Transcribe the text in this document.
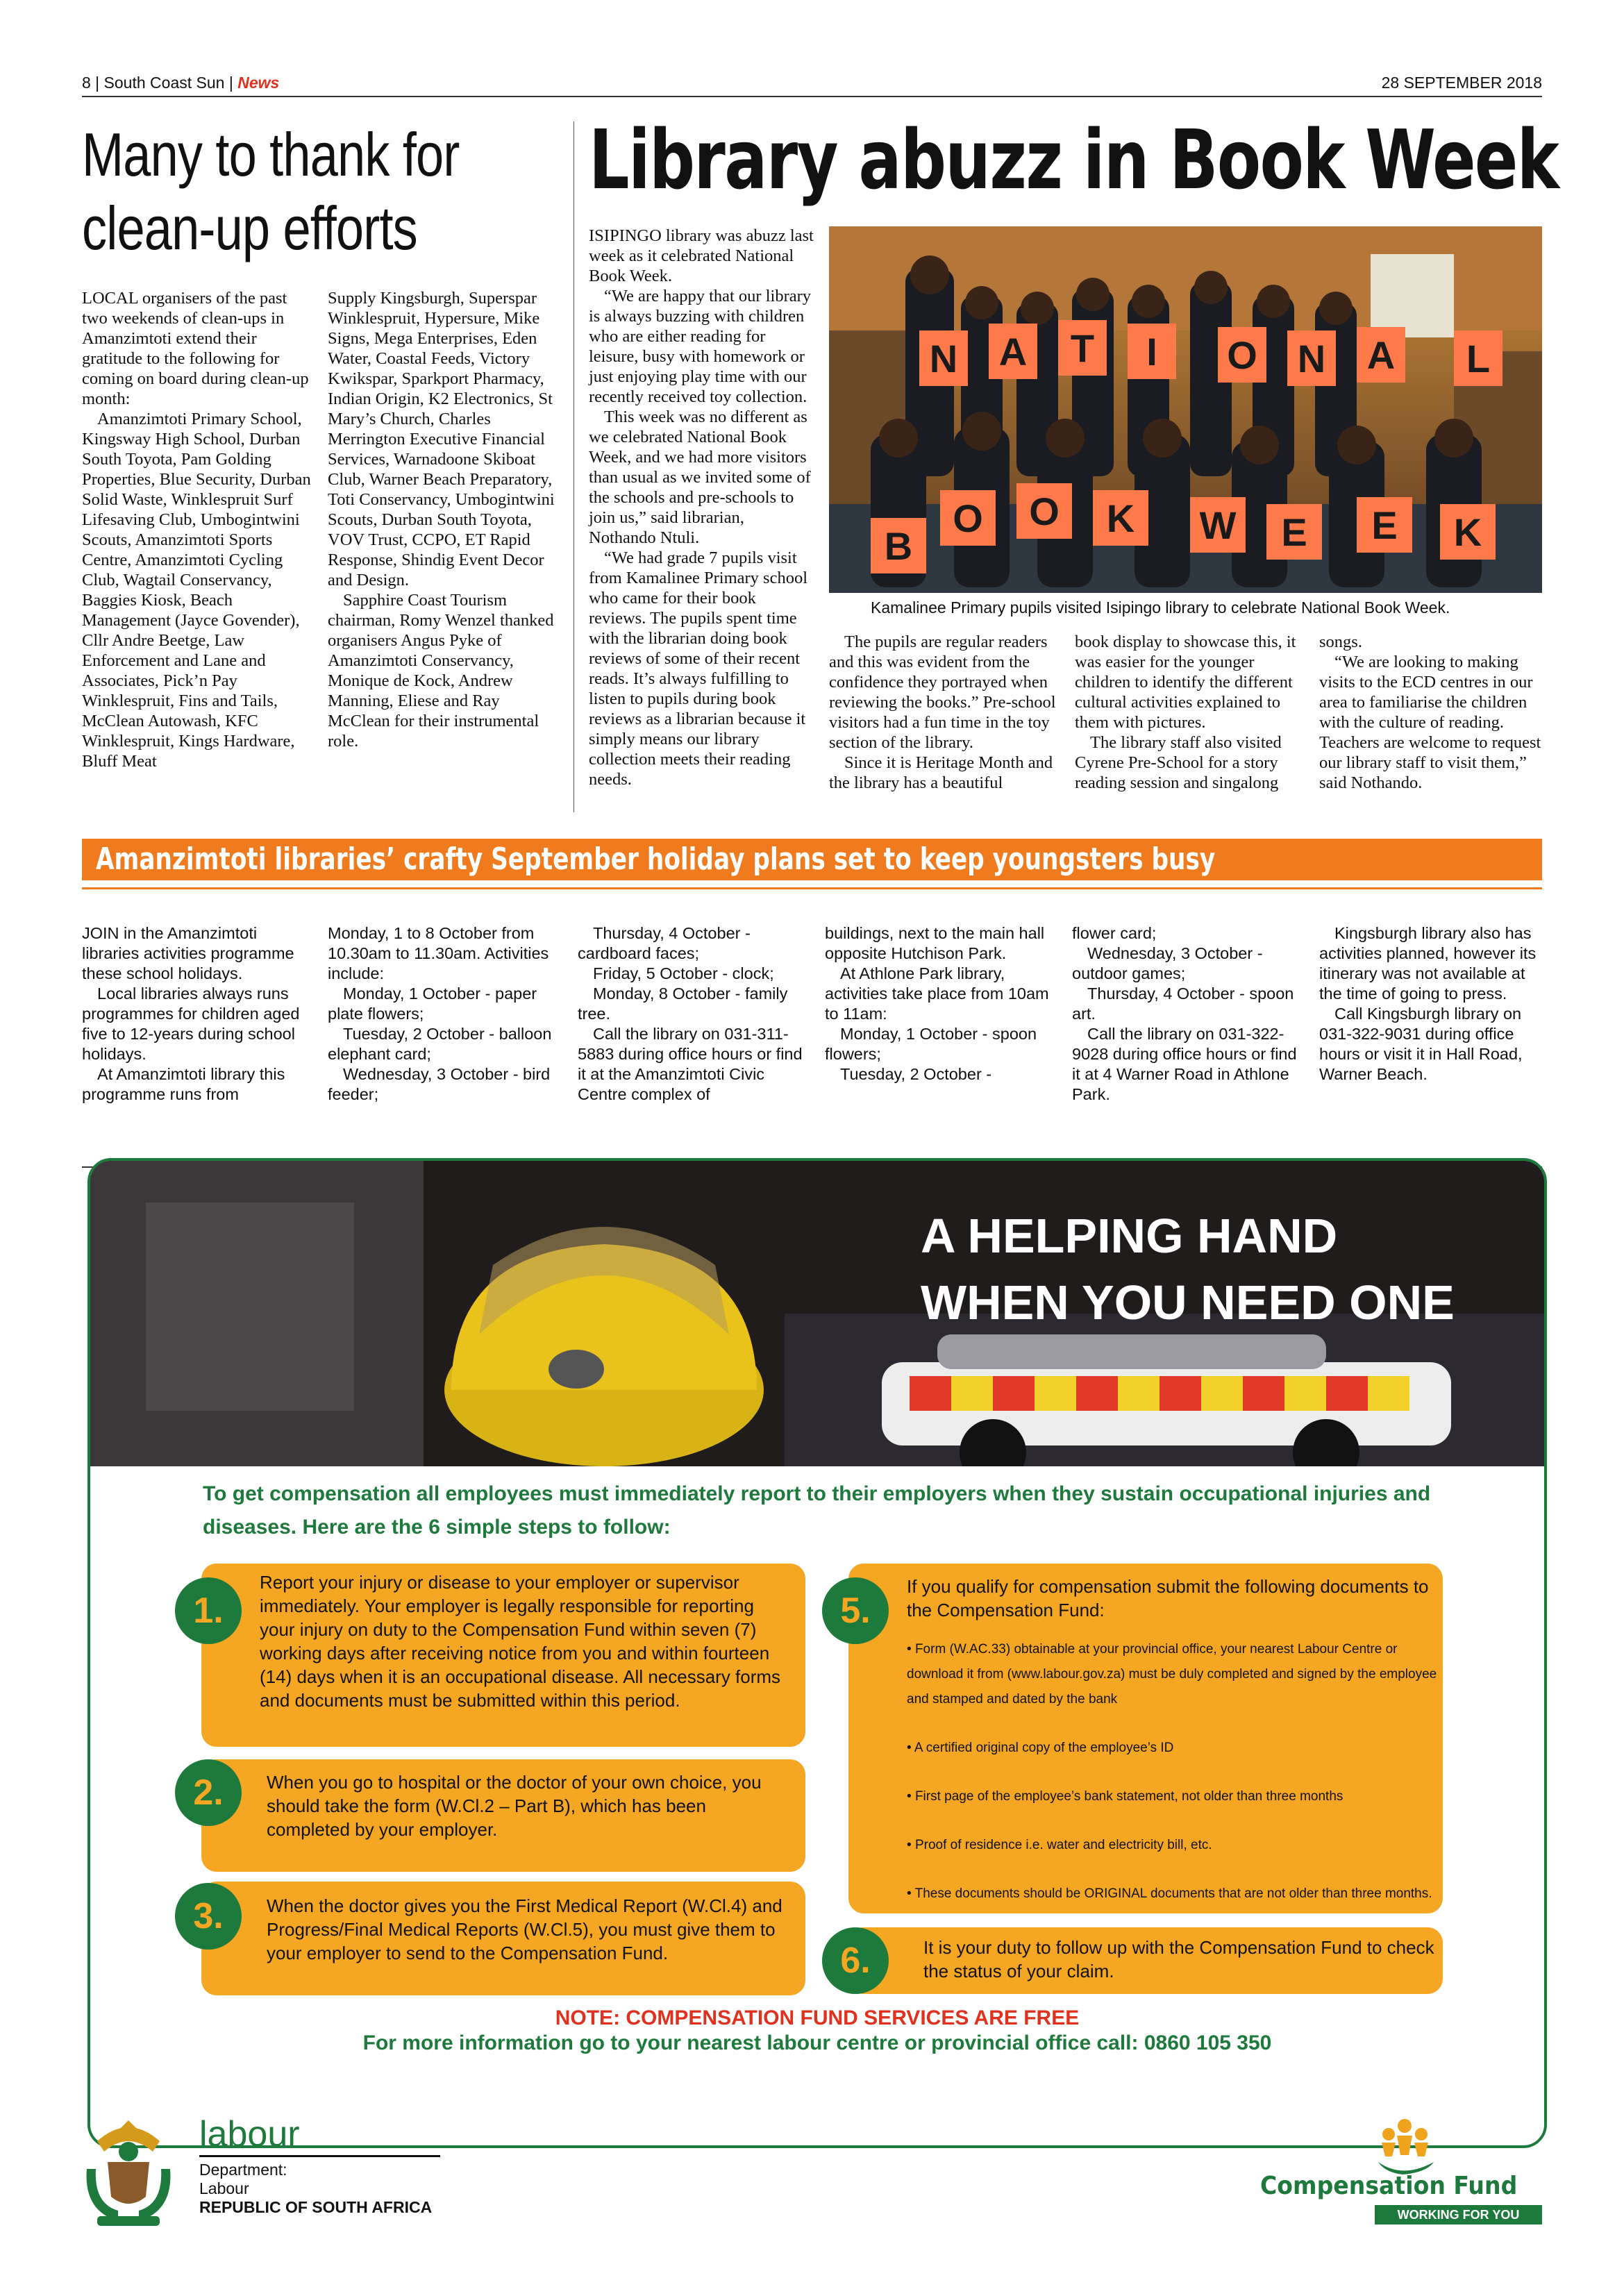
8 | South Coast Sun | News	28 SEPTEMBER 2018
Many to thank for
clean-up efforts

LOCAL organisers of the past two weekends of clean-ups in Amanzimtoti extend their gratitude to the following for coming on board during clean-up month:

Amanzimtoti Primary School, Kingsway High School, Durban South Toyota, Pam Golding Properties, Blue Security, Durban Solid Waste, Winklespruit Surf Lifesaving Club, Umbogintwini Scouts, Amanzimtoti Sports Centre, Amanzimtoti Cycling Club, Wagtail Conservancy, Baggies Kiosk, Beach Management (Jayce Govender), Cllr Andre Beetge, Law Enforcement and Lane and Associates, Pick’n Pay Winklespruit, Fins and Tails, McClean Autowash, KFC Winklespruit, Kings Hardware, Bluff Meat

Supply Kingsburgh, Superspar Winklespruit, Hypersure, Mike Signs, Mega Enterprises, Eden Water, Coastal Feeds, Victory Kwikspar, Sparkport Pharmacy, Indian Origin, K2 Electronics, St Mary’s Church, Charles Merrington Executive Financial Services, Warnadoone Skiboat Club, Warner Beach Preparatory, Toti Conservancy, Umbogintwini Scouts, Durban South Toyota, VOV Trust, CCPO, ET Rapid Response, Shindig Event Decor and Design.

Sapphire Coast Tourism chairman, Romy Wenzel thanked organisers Angus Pyke of Amanzimtoti Conservancy, Monique de Kock, Andrew Manning, Eliese and Ray McClean for their instrumental role.

Library abuzz in Book Week

ISIPINGO library was abuzz last week as it celebrated National Book Week.

“We are happy that our library is always buzzing with children who are either reading for leisure, busy with homework or just enjoying play time with our recently received toy collection.

This week was no different as we celebrated National Book Week, and we had more visitors than usual as we invited some of the schools and pre-schools to join us,” said librarian, Nothando Ntuli.

“We had grade 7 pupils visit from Kamalinee Primary school who came for their book reviews. The pupils spent time with the librarian doing book reviews of some of their recent reads. It’s always fulfilling to listen to pupils during book reviews as a librarian because it simply means our library collection meets their reading needs.

N A T I O N A L
B
O O K W E E K
Kamalinee Primary pupils visited Isipingo library to celebrate National Book Week.

The pupils are regular readers and this was evident from the confidence they portrayed when reviewing the books.” Pre-school visitors had a fun time in the toy section of the library.

Since it is Heritage Month and the library has a beautiful

book display to showcase this, it was easier for the younger children to identify the different cultural activities explained to them with pictures.

The library staff also visited Cyrene Pre-School for a story reading session and singalong

songs.

“We are looking to making visits to the ECD centres in our area to familiarise the children with the culture of reading. Teachers are welcome to request our library staff to visit them,” said Nothando.

Amanzimtoti libraries’ crafty September holiday plans set to keep youngsters busy

JOIN in the Amanzimtoti libraries activities programme these school holidays.

Local libraries always runs programmes for children aged five to 12-years during school holidays.

At Amanzimtoti library this programme runs from

Monday, 1 to 8 October from 10.30am to 11.30am. Activities include:

Monday, 1 October - paper plate flowers;

Tuesday, 2 October - balloon elephant card;

Wednesday, 3 October - bird feeder;

Thursday, 4 October - cardboard faces;

Friday, 5 October - clock;

Monday, 8 October - family tree.

Call the library on 031-311-5883 during office hours or find it at the Amanzimtoti Civic Centre complex of

buildings, next to the main hall opposite Hutchison Park.

At Athlone Park library, activities take place from 10am to 11am:

Monday, 1 October - spoon flowers;

Tuesday, 2 October -

flower card;

Wednesday, 3 October - outdoor games;

Thursday, 4 October - spoon art.

Call the library on 031-322-9028 during office hours or find it at 4 Warner Road in Athlone Park.

Kingsburgh library also has activities planned, however its itinerary was not available at the time of going to press.

Call Kingsburgh library on 031-322-9031 during office hours or visit it in Hall Road, Warner Beach.

A HELPING HAND
WHEN YOU NEED ONE
To get compensation all employees must immediately report to their employers when they sustain occupational injuries and diseases. Here are the 6 simple steps to follow:
1.
Report your injury or disease to your employer or supervisor immediately. Your employer is legally responsible for reporting your injury on duty to the Compensation Fund within seven (7) working days after receiving notice from you and within fourteen (14) days when it is an occupational disease. All necessary forms and documents must be submitted within this period.
2.	When you go to hospital or the doctor of your own choice, you should take the form (W.Cl.2 – Part B), which has been completed by your employer.
3.	When the doctor gives you the First Medical Report (W.Cl.4) and Progress/Final Medical Reports (W.Cl.5), you must give them to your employer to send to the Compensation Fund.
5.
If you qualify for compensation submit the following documents to the Compensation Fund:
• Form (W.AC.33) obtainable at your provincial office, your nearest Labour Centre or download it from (www.labour.gov.za) must be duly completed and signed by the employee and stamped and dated by the bank
• A certified original copy of the employee’s ID
• First page of the employee’s bank statement, not older than three months
• Proof of residence i.e. water and electricity bill, etc.
• These documents should be ORIGINAL documents that are not older than three months.
6.	It is your duty to follow up with the Compensation Fund to check the status of your claim.
NOTE: COMPENSATION FUND SERVICES ARE FREE
For more information go to your nearest labour centre or provincial office call: 0860 105 350
labour
Department:
Labour
REPUBLIC OF SOUTH AFRICA
Compensation Fund
WORKING FOR YOU
